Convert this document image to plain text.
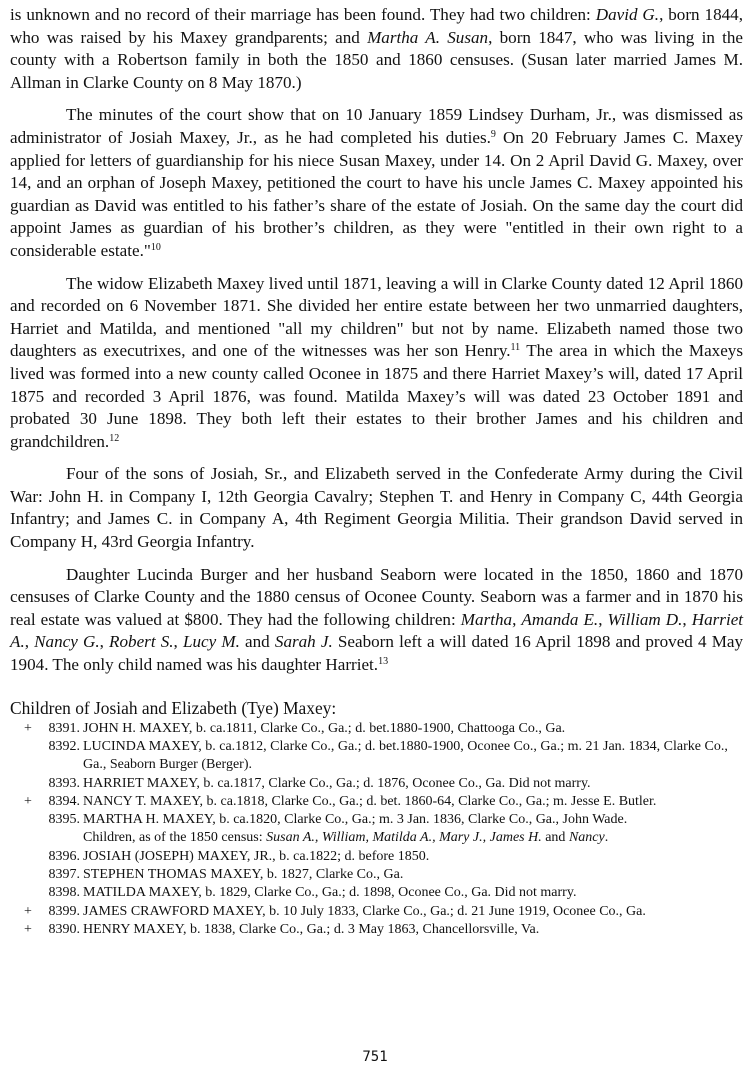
is unknown and no record of their marriage has been found. They had two children: David G., born 1844, who was raised by his Maxey grandparents; and Martha A. Susan, born 1847, who was living in the county with a Robertson family in both the 1850 and 1860 censuses. (Susan later married James M. Allman in Clarke County on 8 May 1870.)

The minutes of the court show that on 10 January 1859 Lindsey Durham, Jr., was dismissed as administrator of Josiah Maxey, Jr., as he had completed his duties.$^9$ On 20 February James C. Maxey applied for letters of guardianship for his niece Susan Maxey, under 14. On 2 April David G. Maxey, over 14, and an orphan of Joseph Maxey, petitioned the court to have his uncle James C. Maxey appointed his guardian as David was entitled to his father’s share of the estate of Josiah. On the same day the court did appoint James as guardian of his brother’s children, as they were "entitled in their own right to a considerable estate."$^{10}$

The widow Elizabeth Maxey lived until 1871, leaving a will in Clarke County dated 12 April 1860 and recorded on 6 November 1871. She divided her entire estate between her two unmarried daughters, Harriet and Matilda, and mentioned "all my children" but not by name. Elizabeth named those two daughters as executrixes, and one of the witnesses was her son Henry.$^{11}$ The area in which the Maxeys lived was formed into a new county called Oconee in 1875 and there Harriet Maxey’s will, dated 17 April 1875 and recorded 3 April 1876, was found. Matilda Maxey’s will was dated 23 October 1891 and probated 30 June 1898. They both left their estates to their brother James and his children and grandchildren.$^{12}$

Four of the sons of Josiah, Sr., and Elizabeth served in the Confederate Army during the Civil War: John H. in Company I, 12th Georgia Cavalry; Stephen T. and Henry in Company C, 44th Georgia Infantry; and James C. in Company A, 4th Regiment Georgia Militia. Their grandson David served in Company H, 43rd Georgia Infantry.

Daughter Lucinda Burger and her husband Seaborn were located in the 1850, 1860 and 1870 censuses of Clarke County and the 1880 census of Oconee County. Seaborn was a farmer and in 1870 his real estate was valued at $800. They had the following children: Martha, Amanda E., William D., Harriet A., Nancy G., Robert S., Lucy M. and Sarah J. Seaborn left a will dated 16 April 1898 and proved 4 May 1904. The only child named was his daughter Harriet.$^{13}$

Children of Josiah and Elizabeth (Tye) Maxey:
+	8391. JOHN H. MAXEY, b. ca.1811, Clarke Co., Ga.; d. bet.1880-1900, Chattooga Co., Ga.
8392. LUCINDA MAXEY, b. ca.1812, Clarke Co., Ga.; d. bet.1880-1900, Oconee Co., Ga.; m. 21 Jan. 1834, Clarke Co., Ga., Seaborn Burger (Berger).
8393. HARRIET MAXEY, b. ca.1817, Clarke Co., Ga.; d. 1876, Oconee Co., Ga. Did not marry.
+	8394. NANCY T. MAXEY, b. ca.1818, Clarke Co., Ga.; d. bet. 1860-64, Clarke Co., Ga.; m. Jesse E. Butler.
8395. MARTHA H. MAXEY, b. ca.1820, Clarke Co., Ga.; m. 3 Jan. 1836, Clarke Co., Ga., John Wade.
Children, as of the 1850 census: Susan A., William, Matilda A., Mary J., James H. and Nancy.
8396. JOSIAH (JOSEPH) MAXEY, JR., b. ca.1822; d. before 1850.
8397. STEPHEN THOMAS MAXEY, b. 1827, Clarke Co., Ga.
8398. MATILDA MAXEY, b. 1829, Clarke Co., Ga.; d. 1898, Oconee Co., Ga. Did not marry.
+	8399. JAMES CRAWFORD MAXEY, b. 10 July 1833, Clarke Co., Ga.; d. 21 June 1919, Oconee Co., Ga.
+	8390. HENRY MAXEY, b. 1838, Clarke Co., Ga.; d. 3 May 1863, Chancellorsville, Va.
751
